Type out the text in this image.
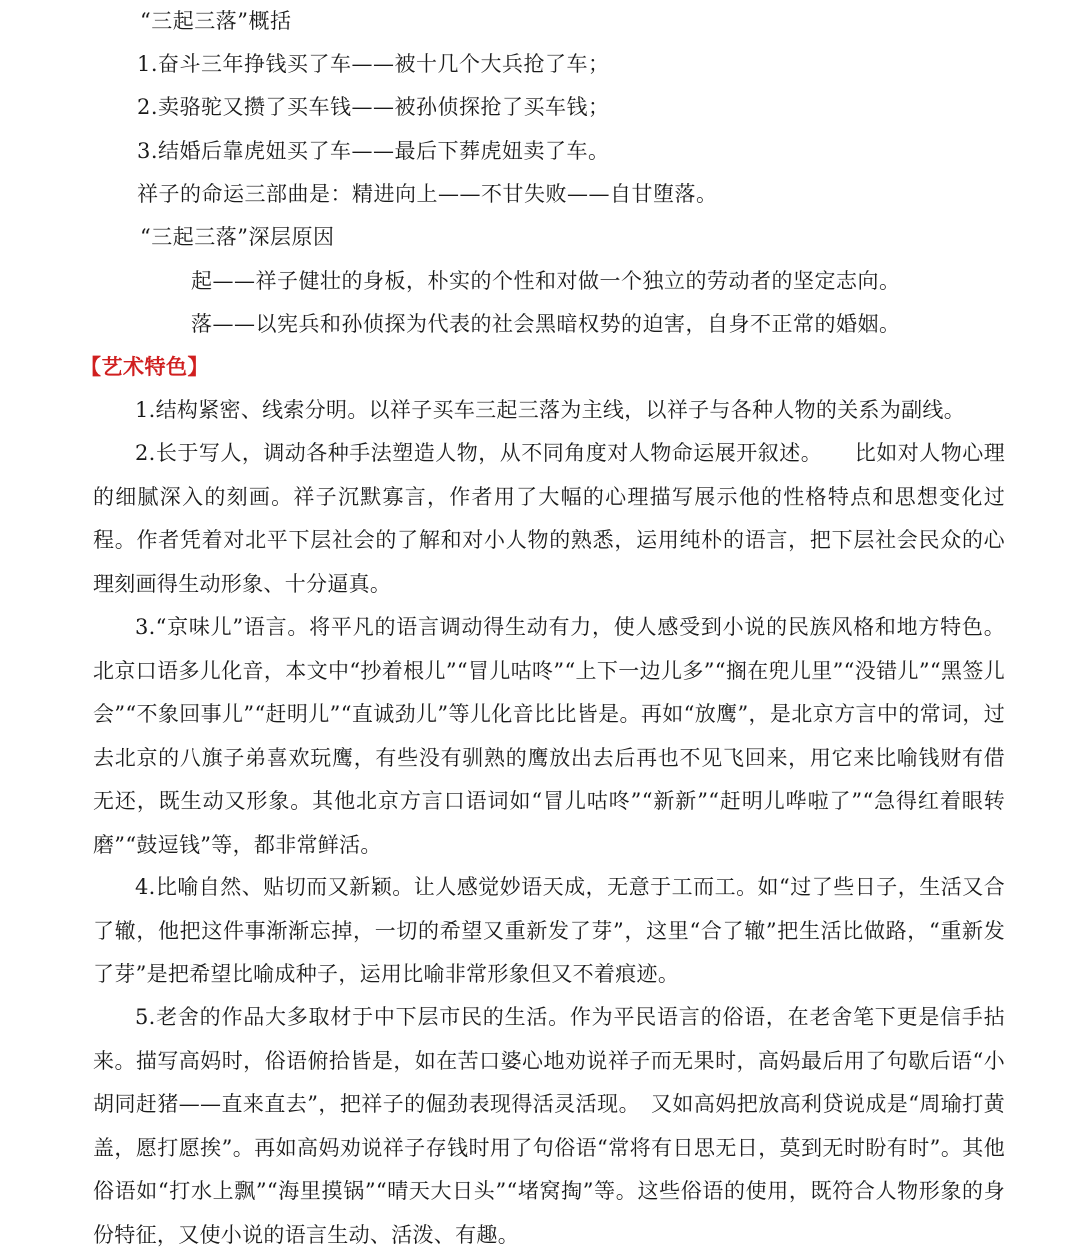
“三起三落”概括
1.奋斗三年挣钱买了车——被十几个大兵抢了车；
2.卖骆驼又攒了买车钱——被孙侦探抢了买车钱；
3.结婚后靠虎妞买了车——最后下葬虎妞卖了车。
祥子的命运三部曲是：精进向上——不甘失败——自甘堕落。
“三起三落”深层原因
起——祥子健壮的身板，朴实的个性和对做一个独立的劳动者的坚定志向。
落——以宪兵和孙侦探为代表的社会黑暗权势的迫害，自身不正常的婚姻。
【艺术特色】

1.结构紧密、线索分明。以祥子买车三起三落为主线，以祥子与各种人物的关系为副线。

2.长于写人，调动各种手法塑造人物，从不同角度对人物命运展开叙述。　　比如对人物心理的细腻深入的刻画。祥子沉默寡言，作者用了大幅的心理描写展示他的性格特点和思想变化过程。作者凭着对北平下层社会的了解和对小人物的熟悉，运用纯朴的语言，把下层社会民众的心理刻画得生动形象、十分逼真。

3.“京味儿”语言。将平凡的语言调动得生动有力，使人感受到小说的民族风格和地方特色。北京口语多儿化音，本文中“抄着根儿”“冒儿咕咚”“上下一边儿多”“搁在兜儿里”“没错儿”“黑签儿会”“不象回事儿”“赶明儿”“直诚劲儿”等儿化音比比皆是。再如“放鹰”，是北京方言中的常词，过去北京的八旗子弟喜欢玩鹰，有些没有驯熟的鹰放出去后再也不见飞回来，用它来比喻钱财有借无还，既生动又形象。其他北京方言口语词如“冒儿咕咚”“新新”“赶明儿哗啦了”“急得红着眼转磨”“鼓逗钱”等，都非常鲜活。

4.比喻自然、贴切而又新颖。让人感觉妙语天成，无意于工而工。如“过了些日子，生活又合了辙，他把这件事渐渐忘掉，一切的希望又重新发了芽”，这里“合了辙”把生活比做路，“重新发了芽”是把希望比喻成种子，运用比喻非常形象但又不着痕迹。

5.老舍的作品大多取材于中下层市民的生活。作为平民语言的俗语，在老舍笔下更是信手拈来。描写高妈时，俗语俯拾皆是，如在苦口婆心地劝说祥子而无果时，高妈最后用了句歇后语“小胡同赶猪——直来直去”，把祥子的倔劲表现得活灵活现。　又如高妈把放高利贷说成是“周瑜打黄盖，愿打愿挨”。再如高妈劝说祥子存钱时用了句俗语“常将有日思无日，莫到无时盼有时”。其他俗语如“打水上飘”“海里摸锅”“晴天大日头”“堵窝掏”等。这些俗语的使用，既符合人物形象的身份特征，又使小说的语言生动、活泼、有趣。
